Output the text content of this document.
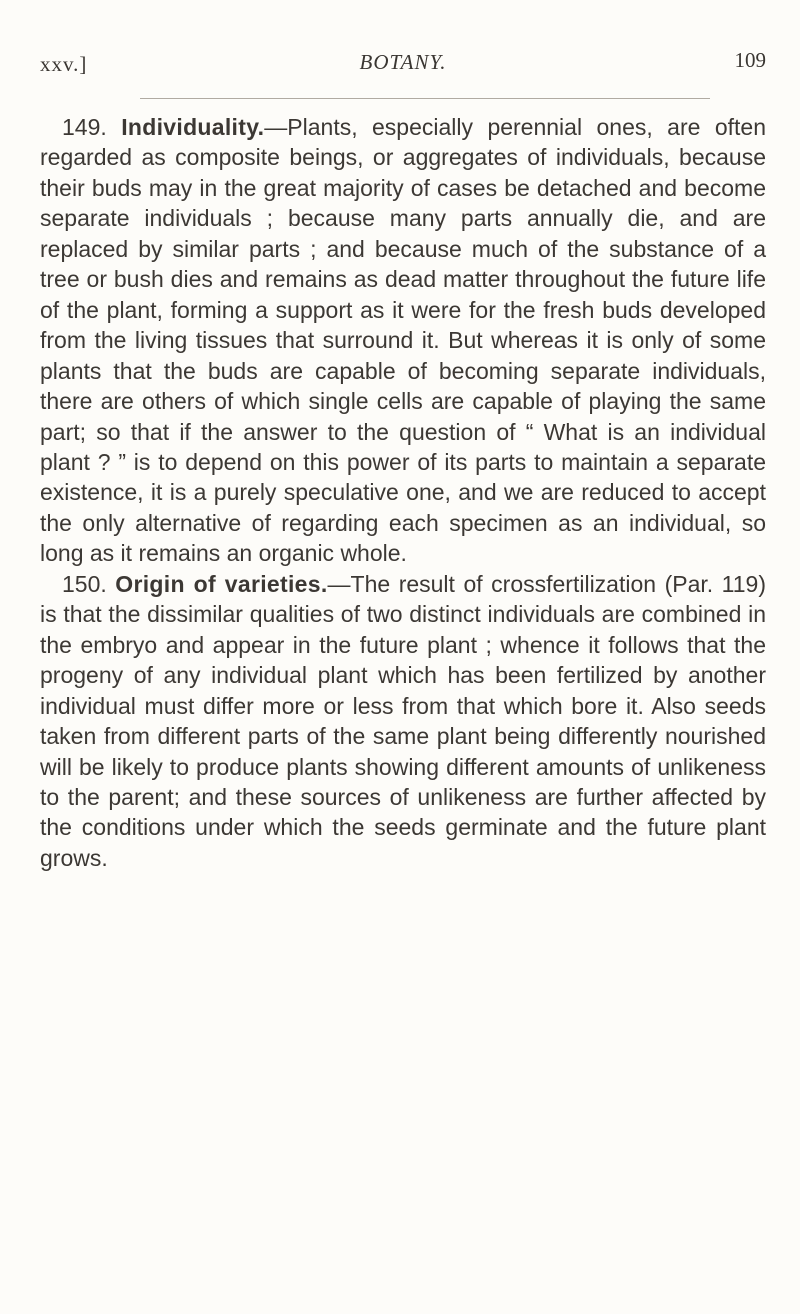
xxv.]	BOTANY.	109

149. Individuality.—Plants, especially perennial ones, are often regarded as composite beings, or aggregates of individuals, because their buds may in the great majority of cases be detached and become separate individuals ; because many parts annually die, and are replaced by similar parts ; and because much of the substance of a tree or bush dies and remains as dead matter throughout the future life of the plant, forming a support as it were for the fresh buds developed from the living tissues that surround it. But whereas it is only of some plants that the buds are capable of becoming separate individuals, there are others of which single cells are capable of playing the same part; so that if the answer to the question of “ What is an individual plant ? ” is to depend on this power of its parts to maintain a separate existence, it is a purely speculative one, and we are reduced to accept the only alternative of regarding each specimen as an individual, so long as it remains an organic whole.

150. Origin of varieties.—The result of crossfertilization (Par. 119) is that the dissimilar qualities of two distinct individuals are combined in the embryo and appear in the future plant ; whence it follows that the progeny of any individual plant which has been fertilized by another individual must differ more or less from that which bore it. Also seeds taken from different parts of the same plant being differently nourished will be likely to produce plants showing different amounts of unlikeness to the parent; and these sources of unlikeness are further affected by the conditions under which the seeds germinate and the future plant grows.
